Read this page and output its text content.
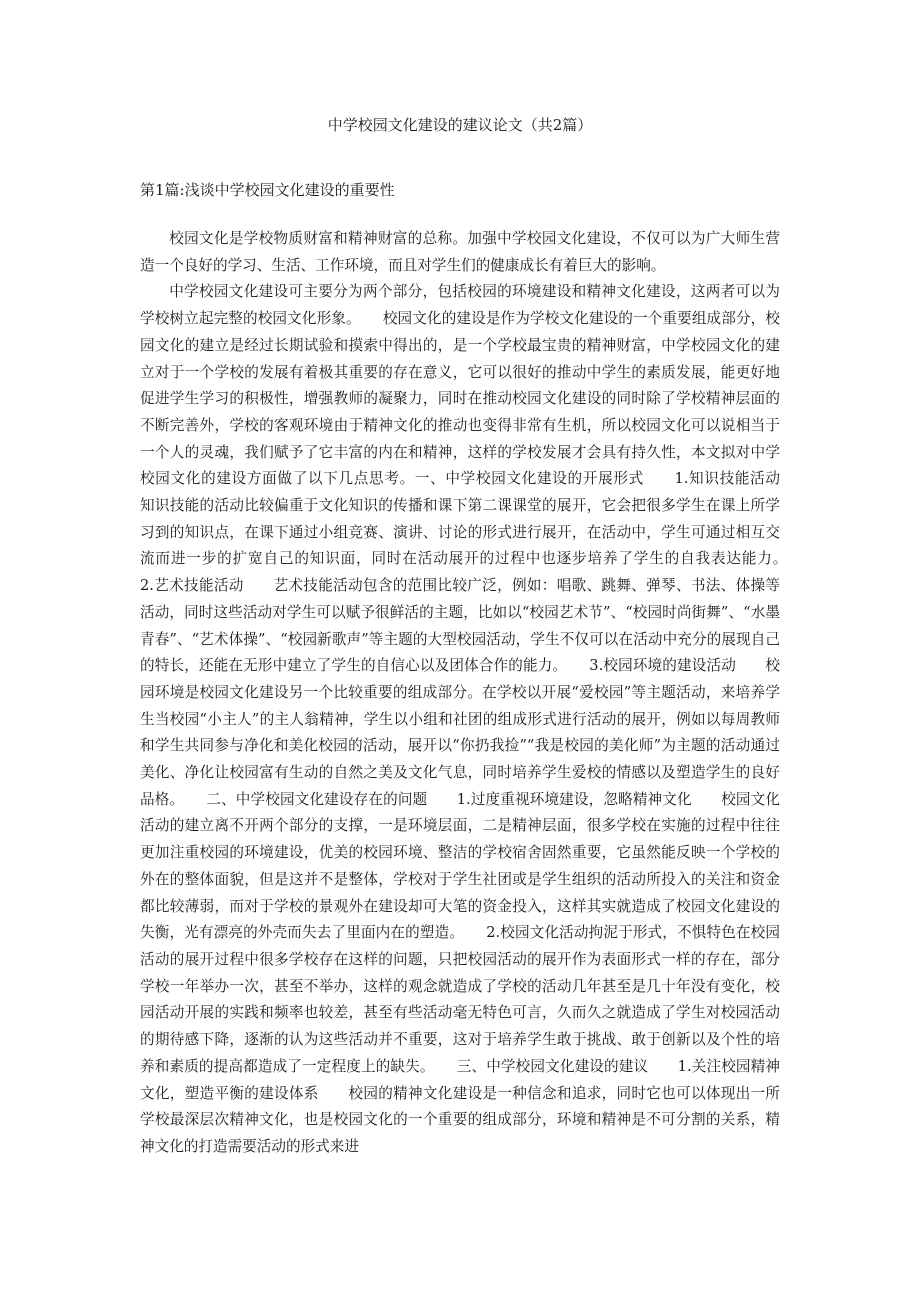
中学校园文化建设的建议论文（共2篇）
第1篇:浅谈中学校园文化建设的重要性

校园文化是学校物质财富和精神财富的总称。加强中学校园文化建设，不仅可以为广大师生营造一个良好的学习、生活、工作环境，而且对学生们的健康成长有着巨大的影响。

中学校园文化建设可主要分为两个部分，包括校园的环境建设和精神文化建设，这两者可以为学校树立起完整的校园文化形象。　　校园文化的建设是作为学校文化建设的一个重要组成部分，校园文化的建立是经过长期试验和摸索中得出的，是一个学校最宝贵的精神财富，中学校园文化的建立对于一个学校的发展有着极其重要的存在意义，它可以很好的推动中学生的素质发展，能更好地促进学生学习的积极性，增强教师的凝聚力，同时在推动校园文化建设的同时除了学校精神层面的不断完善外，学校的客观环境由于精神文化的推动也变得非常有生机，所以校园文化可以说相当于一个人的灵魂，我们赋予了它丰富的内在和精神，这样的学校发展才会具有持久性，本文拟对中学校园文化的建设方面做了以下几点思考。一、中学校园文化建设的开展形式　　1.知识技能活动　　知识技能的活动比较偏重于文化知识的传播和课下第二课课堂的展开，它会把很多学生在课上所学习到的知识点，在课下通过小组竞赛、演讲、讨论的形式进行展开，在活动中，学生可通过相互交流而进一步的扩宽自己的知识面，同时在活动展开的过程中也逐步培养了学生的自我表达能力。　　2.艺术技能活动　　艺术技能活动包含的范围比较广泛，例如：唱歌、跳舞、弹琴、书法、体操等活动，同时这些活动对学生可以赋予很鲜活的主题，比如以“校园艺术节”、“校园时尚街舞”、“水墨青春”、“艺术体操”、“校园新歌声”等主题的大型校园活动，学生不仅可以在活动中充分的展现自己的特长，还能在无形中建立了学生的自信心以及团体合作的能力。　　3.校园环境的建设活动　　校园环境是校园文化建设另一个比较重要的组成部分。在学校以开展“爱校园”等主题活动，来培养学生当校园“小主人”的主人翁精神，学生以小组和社团的组成形式进行活动的展开，例如以每周教师和学生共同参与净化和美化校园的活动，展开以“你扔我捡”“我是校园的美化师”为主题的活动通过美化、净化让校园富有生动的自然之美及文化气息，同时培养学生爱校的情感以及塑造学生的良好品格。　　二、中学校园文化建设存在的问题　　1.过度重视环境建设，忽略精神文化　　校园文化活动的建立离不开两个部分的支撑，一是环境层面，二是精神层面，很多学校在实施的过程中往往更加注重校园的环境建设，优美的校园环境、整洁的学校宿舍固然重要，它虽然能反映一个学校的外在的整体面貌，但是这并不是整体，学校对于学生社团或是学生组织的活动所投入的关注和资金都比较薄弱，而对于学校的景观外在建设却可大笔的资金投入，这样其实就造成了校园文化建设的失衡，光有漂亮的外壳而失去了里面内在的塑造。　　2.校园文化活动拘泥于形式，不惧特色在校园活动的展开过程中很多学校存在这样的问题，只把校园活动的展开作为表面形式一样的存在，部分学校一年举办一次，甚至不举办，这样的观念就造成了学校的活动几年甚至是几十年没有变化，校园活动开展的实践和频率也较差，甚至有些活动毫无特色可言，久而久之就造成了学生对校园活动的期待感下降，逐渐的认为这些活动并不重要，这对于培养学生敢于挑战、敢于创新以及个性的培养和素质的提高都造成了一定程度上的缺失。　　三、中学校园文化建设的建议　　1.关注校园精神文化，塑造平衡的建设体系　　校园的精神文化建设是一种信念和追求，同时它也可以体现出一所学校最深层次精神文化，也是校园文化的一个重要的组成部分，环境和精神是不可分割的关系，精神文化的打造需要活动的形式来进
